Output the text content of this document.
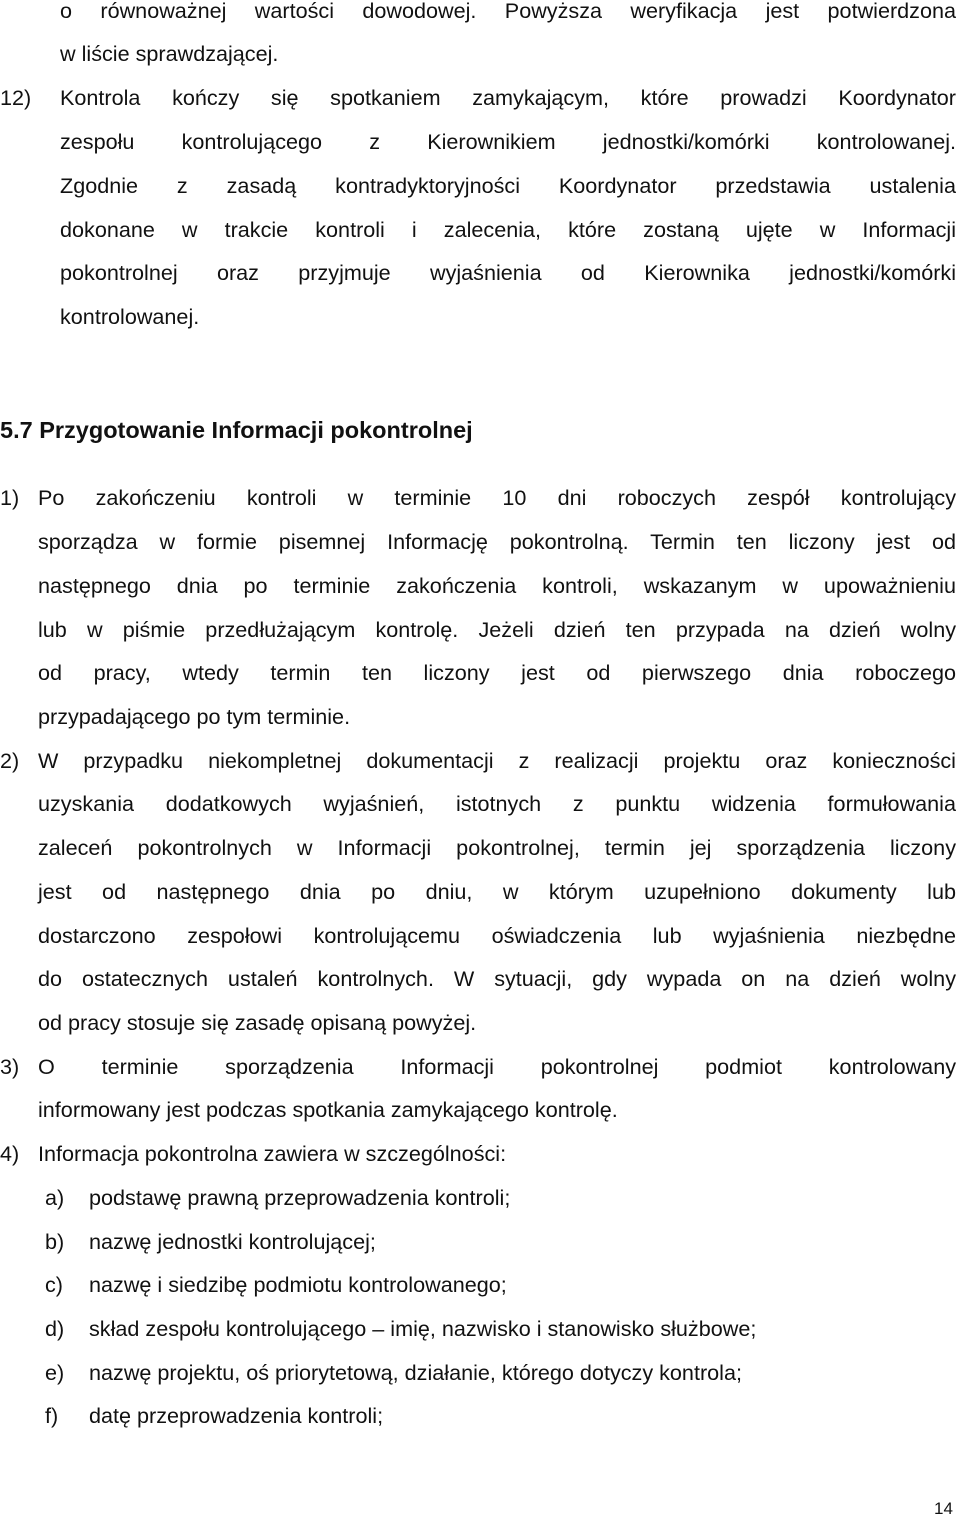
o równoważnej wartości dowodowej. Powyższa weryfikacja jest potwierdzona
w liście sprawdzającej.
12) Kontrola kończy się spotkaniem zamykającym, które prowadzi Koordynator
zespołu kontrolującego z Kierownikiem jednostki/komórki kontrolowanej.
Zgodnie z zasadą kontradyktoryjności Koordynator przedstawia ustalenia
dokonane w trakcie kontroli i zalecenia, które zostaną ujęte w Informacji
pokontrolnej oraz przyjmuje wyjaśnienia od Kierownika jednostki/komórki
kontrolowanej.
5.7 Przygotowanie Informacji pokontrolnej
1) Po zakończeniu kontroli w terminie 10 dni roboczych zespół kontrolujący
sporządza w formie pisemnej Informację pokontrolną. Termin ten liczony jest od
następnego dnia po terminie zakończenia kontroli, wskazanym w upoważnieniu
lub w piśmie przedłużającym kontrolę. Jeżeli dzień ten przypada na dzień wolny
od pracy, wtedy termin ten liczony jest od pierwszego dnia roboczego
przypadającego po tym terminie.
2) W przypadku niekompletnej dokumentacji z realizacji projektu oraz konieczności
uzyskania dodatkowych wyjaśnień, istotnych z punktu widzenia formułowania
zaleceń pokontrolnych w Informacji pokontrolnej, termin jej sporządzenia liczony
jest od następnego dnia po dniu, w którym uzupełniono dokumenty lub
dostarczono zespołowi kontrolującemu oświadczenia lub wyjaśnienia niezbędne
do ostatecznych ustaleń kontrolnych. W sytuacji, gdy wypada on na dzień wolny
od pracy stosuje się zasadę opisaną powyżej.
3) O terminie sporządzenia Informacji pokontrolnej podmiot kontrolowany
informowany jest podczas spotkania zamykającego kontrolę.
4) Informacja pokontrolna zawiera w szczególności:
a) podstawę prawną przeprowadzenia kontroli;
b) nazwę jednostki kontrolującej;
c) nazwę i siedzibę podmiotu kontrolowanego;
d) skład zespołu kontrolującego – imię, nazwisko i stanowisko służbowe;
e) nazwę projektu, oś priorytetową, działanie, którego dotyczy kontrola;
f) datę przeprowadzenia kontroli;
14
